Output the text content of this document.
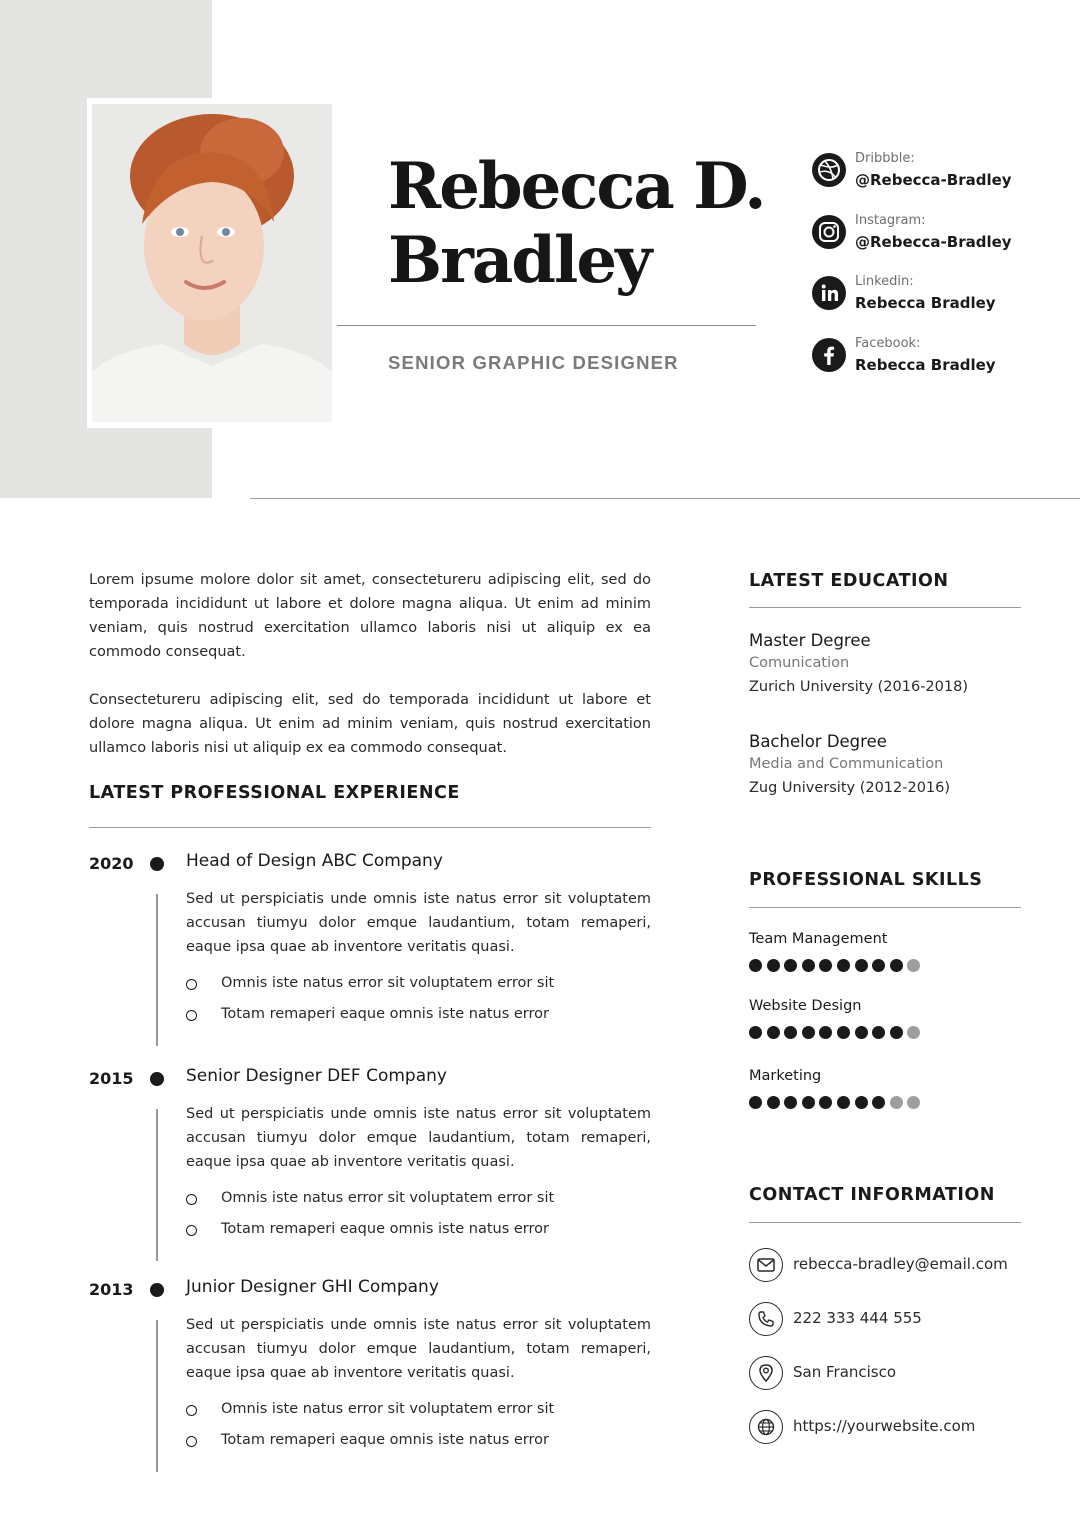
Rebecca D.
Bradley
SENIOR GRAPHIC DESIGNER
Dribbble:
@Rebecca-Bradley
Instagram:
@Rebecca-Bradley
Linkedin:
Rebecca Bradley
Facebook:
Rebecca Bradley

Lorem ipsume molore dolor sit amet, consectetureru adipiscing elit, sed do temporada incididunt ut labore et dolore magna aliqua. Ut enim ad minim veniam, quis nostrud exercitation ullamco laboris nisi ut aliquip ex ea commodo consequat.

Consectetureru adipiscing elit, sed do temporada incididunt ut labore et dolore magna aliqua. Ut enim ad minim veniam, quis nostrud exercitation ullamco laboris nisi ut aliquip ex ea commodo consequat.

LATEST PROFESSIONAL EXPERIENCE
2020	Head of Design ABC Company

Sed ut perspiciatis unde omnis iste natus error sit voluptatem accusan tiumyu dolor emque laudantium, totam remaperi, eaque ipsa quae ab inventore veritatis quasi.

Omnis iste natus error sit voluptatem error sit
Totam remaperi eaque omnis iste natus error
2015	Senior Designer DEF Company

Sed ut perspiciatis unde omnis iste natus error sit voluptatem accusan tiumyu dolor emque laudantium, totam remaperi, eaque ipsa quae ab inventore veritatis quasi.

Omnis iste natus error sit voluptatem error sit
Totam remaperi eaque omnis iste natus error
2013	Junior Designer GHI Company

Sed ut perspiciatis unde omnis iste natus error sit voluptatem accusan tiumyu dolor emque laudantium, totam remaperi, eaque ipsa quae ab inventore veritatis quasi.

Omnis iste natus error sit voluptatem error sit
Totam remaperi eaque omnis iste natus error
LATEST EDUCATION
Master Degree
Comunication
Zurich University (2016-2018)
Bachelor Degree
Media and Communication
Zug University (2012-2016)
PROFESSIONAL SKILLS
Team Management
Website Design
Marketing
CONTACT INFORMATION
rebecca-bradley@email.com
222 333 444 555
San Francisco
https://yourwebsite.com
